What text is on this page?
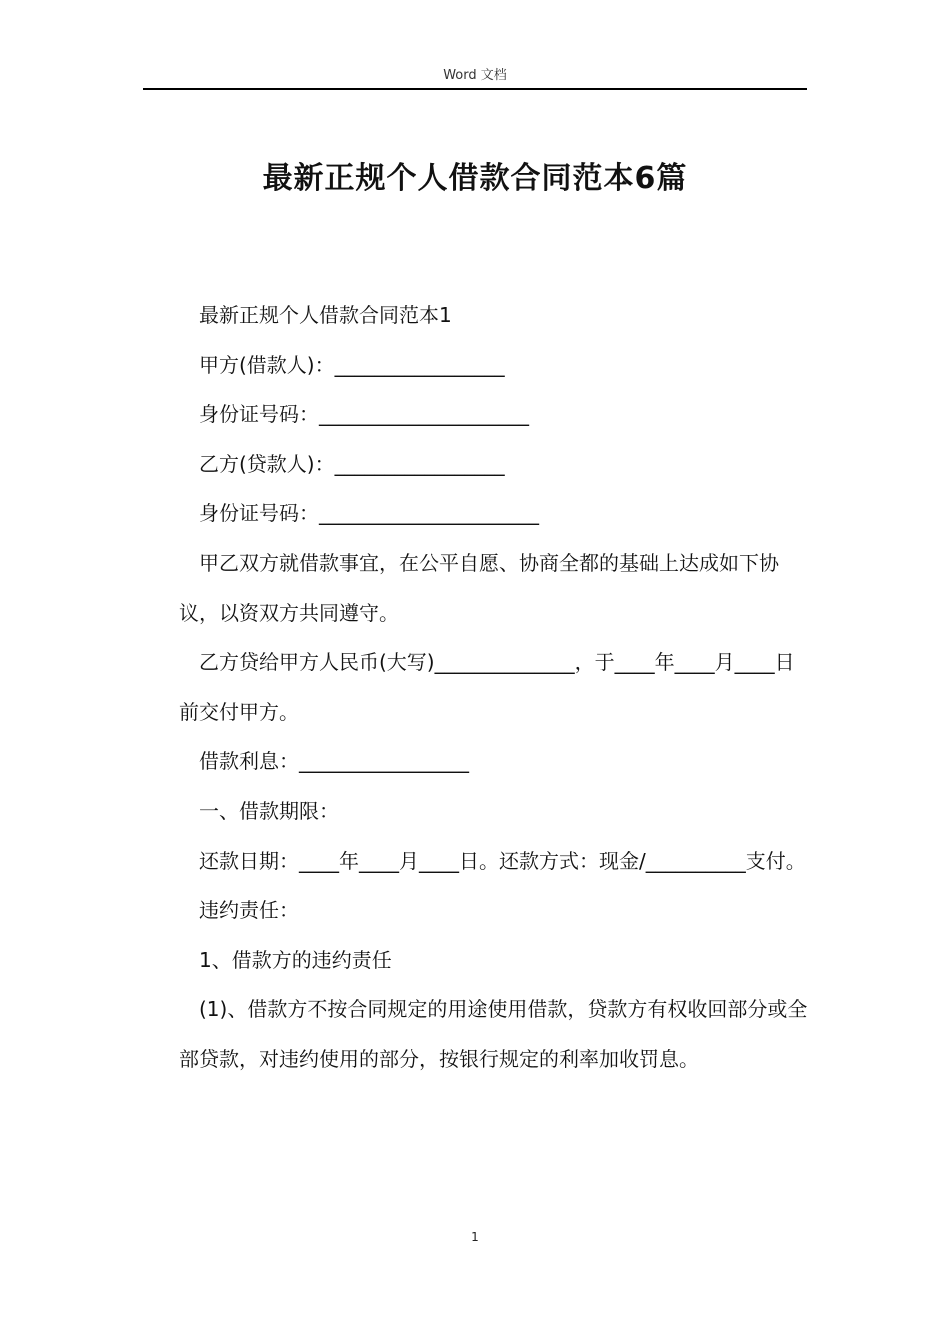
Word 文档
最新正规个人借款合同范本6篇

最新正规个人借款合同范本1

甲方(借款人)：_________________

身份证号码：_____________________

乙方(贷款人)：_________________

身份证号码：______________________

甲乙双方就借款事宜，在公平自愿、协商全都的基础上达成如下协议，以资双方共同遵守。

乙方贷给甲方人民币(大写)______________，于____年____月____日前交付甲方。

借款利息：_________________

一、借款期限：

还款日期：____年____月____日。还款方式：现金/__________支付。

违约责任：

1、借款方的违约责任

(1)、借款方不按合同规定的用途使用借款，贷款方有权收回部分或全部贷款，对违约使用的部分，按银行规定的利率加收罚息。

1
